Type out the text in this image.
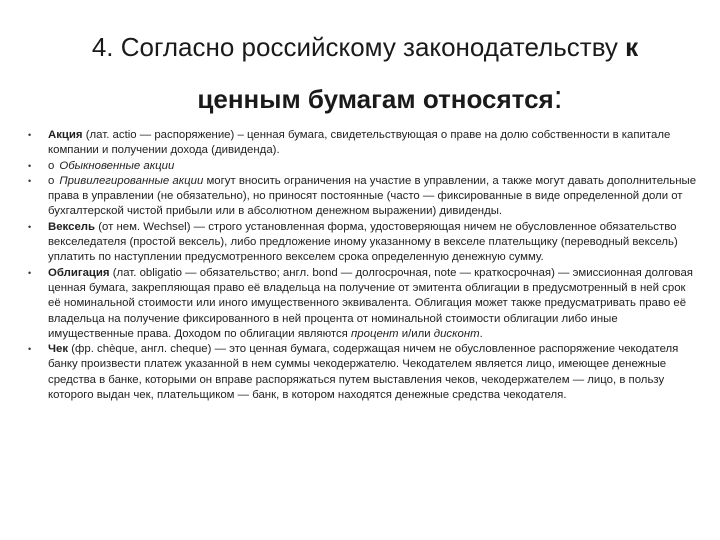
4. Согласно российскому законодательству к
ценным бумагам относятся:
•	Акция (лат. actio — распоряжение) – ценная бумага, свидетельствующая о праве на долю собственности в капитале компании и получении дохода (дивиденда).
•	o Обыкновенные акции
•	o Привилегированные акции могут вносить ограничения на участие в управлении, а также могут давать дополнительные права в управлении (не обязательно), но приносят постоянные (часто — фиксированные в виде определенной доли от бухгалтерской чистой прибыли или в абсолютном денежном выражении) дивиденды.
•	Вексель (от нем. Wechsel) — строго установленная форма, удостоверяющая ничем не обусловленное обязательство векселедателя (простой вексель), либо предложение иному указанному в векселе плательщику (переводный вексель) уплатить по наступлении предусмотренного векселем срока определенную денежную сумму.
•	Облигация (лат. obligatio — обязательство; англ. bond — долгосрочная, note — краткосрочная) — эмиссионная долговая ценная бумага, закрепляющая право её владельца на получение от эмитента облигации в предусмотренный в ней срок её номинальной стоимости или иного имущественного эквивалента. Облигация может также предусматривать право её владельца на получение фиксированного в ней процента от номинальной стоимости облигации либо иные имущественные права. Доходом по облигации являются процент и/или дисконт.
•	Чек (фр. chèque, англ. cheque) — это ценная бумага, содержащая ничем не обусловленное распоряжение чекодателя банку произвести платеж указанной в нем суммы чекодержателю. Чекодателем является лицо, имеющее денежные средства в банке, которыми он вправе распоряжаться путем выставления чеков, чекодержателем — лицо, в пользу которого выдан чек, плательщиком — банк, в котором находятся денежные средства чекодателя.
